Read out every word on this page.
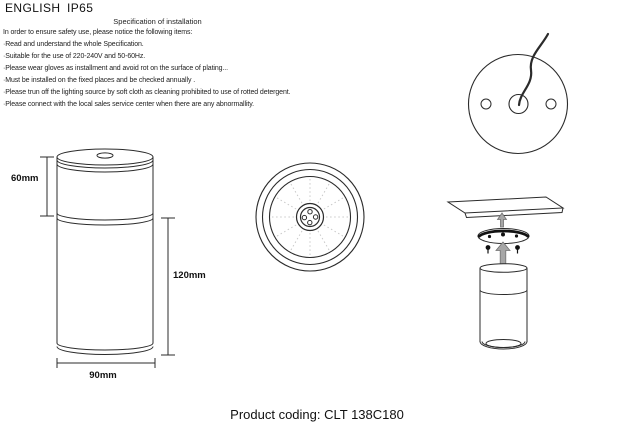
ENGLISH IP65
Specification of installation
In order to ensure safety use, please notice the following items:
·Read and understand the whole Specification.
·Suitable for the use of 220-240V and 50-60Hz.
·Please wear gloves as installment and avoid rot on the surface of plating...
·Must be installed on the fixed places and be checked annually .
·Please trun off the lighting source by soft cloth as cleaning prohibited to use of rotted detergent.
·Please connect with the local sales service center when there are any abnormallity.
60mm
120mm
90mm
Product coding: CLT 138C180
